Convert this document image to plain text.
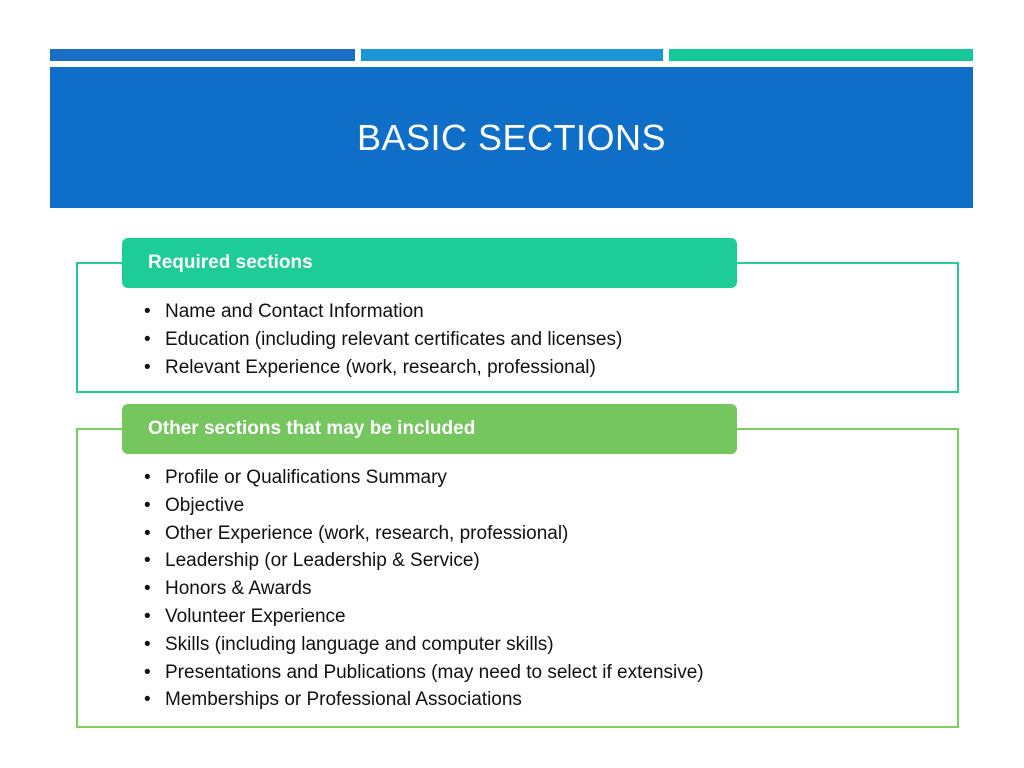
BASIC SECTIONS
Required sections
• Name and Contact Information
• Education (including relevant certificates and licenses)
• Relevant Experience (work, research, professional)
Other sections that may be included
• Profile or Qualifications Summary
• Objective
• Other Experience (work, research, professional)
• Leadership (or Leadership & Service)
• Honors & Awards
• Volunteer Experience
• Skills (including language and computer skills)
• Presentations and Publications (may need to select if extensive)
• Memberships or Professional Associations
